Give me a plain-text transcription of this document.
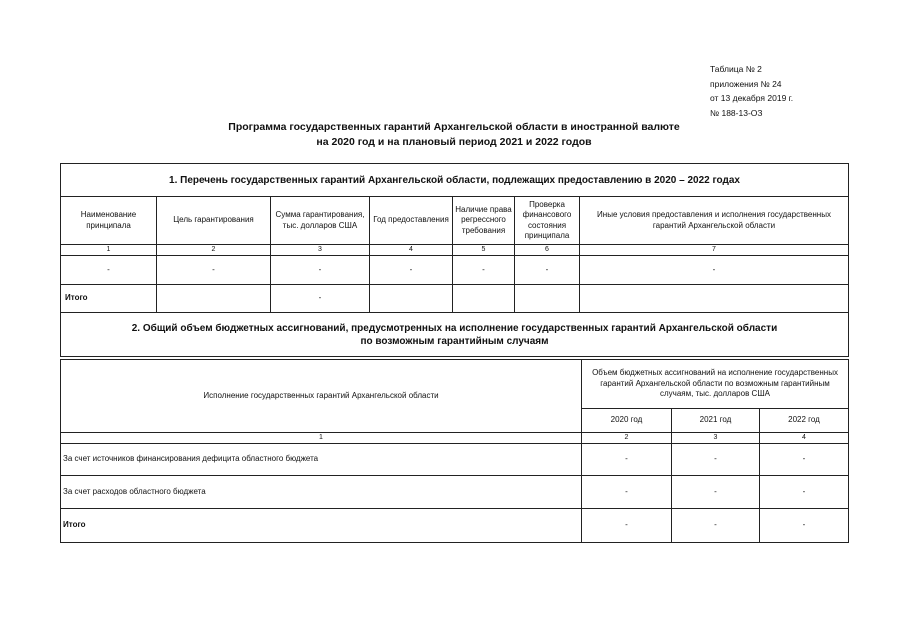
Таблица № 2
приложения № 24
от 13 декабря 2019 г.
№ 188-13-ОЗ
Программа государственных гарантий Архангельской области в иностранной валюте
на 2020 год и на плановый период 2021 и 2022 годов
1. Перечень государственных гарантий Архангельской области, подлежащих предоставлению в 2020 – 2022 годах						
Наименование принципала	Цель гарантирования	Сумма гарантирования, тыс. долларов США	Год предоставления	Наличие права регрессного требования	Проверка финансового состояния принципала	Иные условия предоставления и исполнения государственных гарантий Архангельской области
1	2	3	4	5	6	7
-	-	-	-	-	-	-
Итого		-				

2. Общий объем бюджетных ассигнований, предусмотренных на исполнение государственных гарантий Архангельской области
по возможным гарантийным случаям						
Исполнение государственных гарантий Архангельской области	Объем бюджетных ассигнований на исполнение государственных гарантий Архангельской области по возможным гарантийным случаям, тыс. долларов США		
	2020 год	2021 год	2022 год
1	2	3	4
За счет источников финансирования дефицита областного бюджета	-	-	-
За счет расходов областного бюджета	-	-	-
Итого	-	-	-
